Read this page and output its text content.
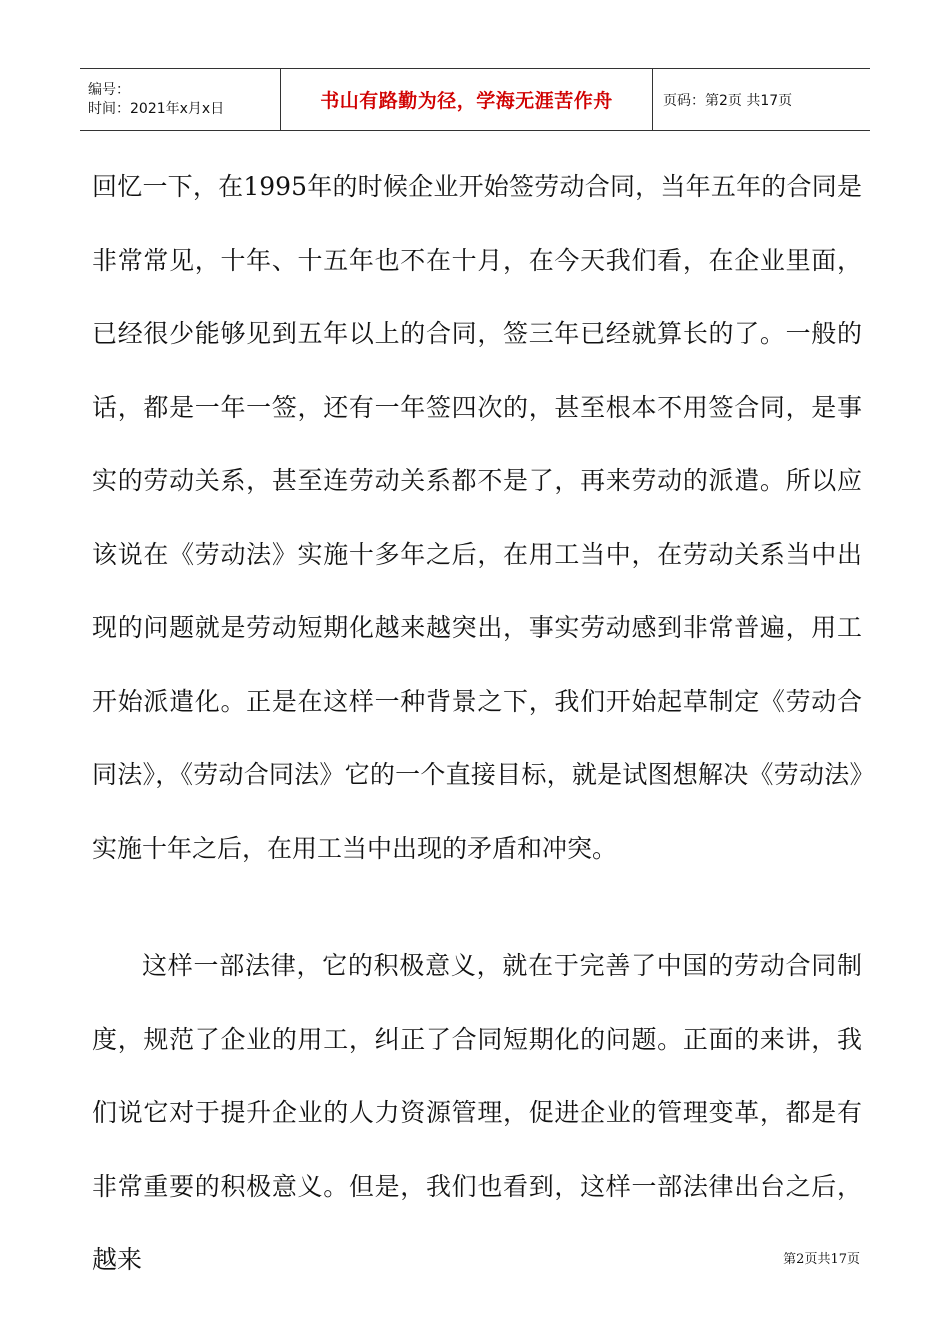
编号：
时间：2021年x月x日	书山有路勤为径，学海无涯苦作舟	页码：第2页 共17页

回忆一下，在1995年的时候企业开始签劳动合同，当年五年的合同是非常常见，十年、十五年也不在十月，在今天我们看，在企业里面，已经很少能够见到五年以上的合同，签三年已经就算长的了。一般的话，都是一年一签，还有一年签四次的，甚至根本不用签合同，是事实的劳动关系，甚至连劳动关系都不是了，再来劳动的派遣。所以应该说在《劳动法》实施十多年之后，在用工当中，在劳动关系当中出现的问题就是劳动短期化越来越突出，事实劳动感到非常普遍，用工开始派遣化。正是在这样一种背景之下，我们开始起草制定《劳动合同法》，《劳动合同法》它的一个直接目标，就是试图想解决《劳动法》实施十年之后，在用工当中出现的矛盾和冲突。

这样一部法律，它的积极意义，就在于完善了中国的劳动合同制度，规范了企业的用工，纠正了合同短期化的问题。正面的来讲，我们说它对于提升企业的人力资源管理，促进企业的管理变革，都是有非常重要的积极意义。但是，我们也看到，这样一部法律出台之后，越来	第2页共17页
